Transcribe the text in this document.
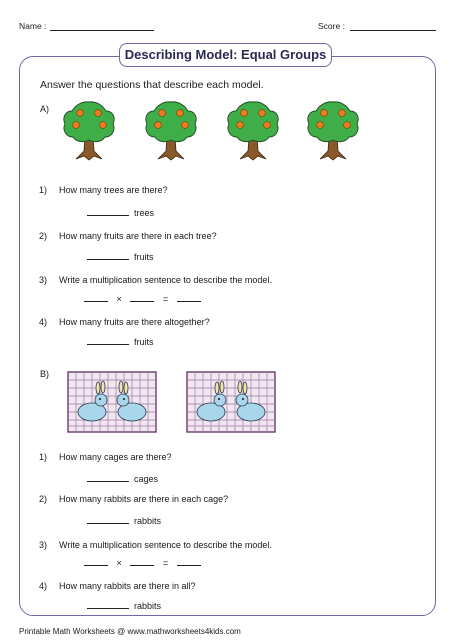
Name :	Score :
Describing Model: Equal Groups
Answer the questions that describe each model.
A)
1) How many trees are there?
trees
2) How many fruits are there in each tree?
fruits
3) Write a multiplication sentence to describe the model.
×	=
4) How many fruits are there altogether?
fruits
B)
1) How many cages are there?
cages
2) How many rabbits are there in each cage?
rabbits
3) Write a multiplication sentence to describe the model.
×	=
4) How many rabbits are there in all?
rabbits
Printable Math Worksheets @ www.mathworksheets4kids.com
